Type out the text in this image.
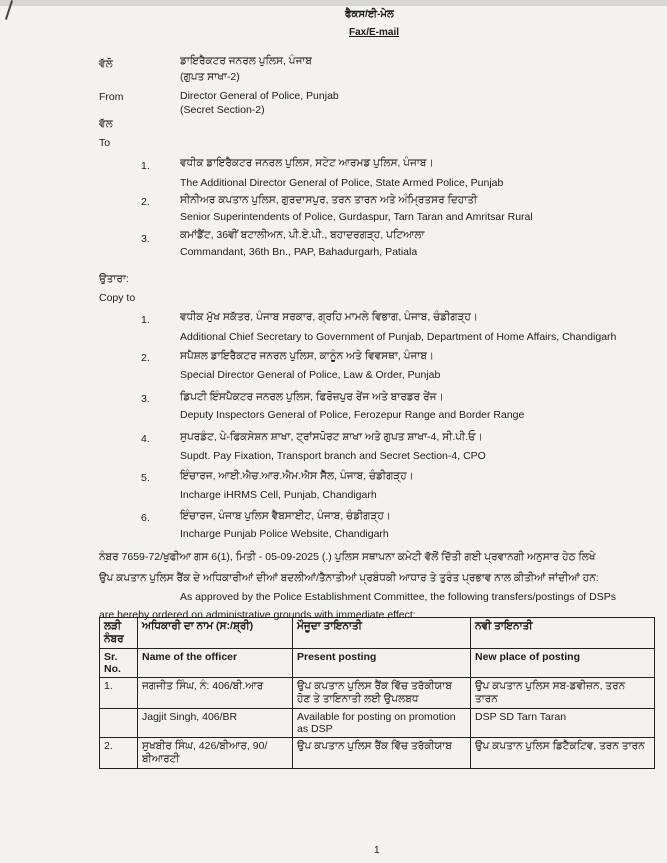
ਫੈਕਸ/ਈ-ਮੇਲ
Fax/E-mail
ਵੱਲੋ	ਡਾਇਰੈਕਟਰ ਜਨਰਲ ਪੁਲਿਸ, ਪੰਜਾਬ
(ਗੁਪਤ ਸਾਖਾ-2)
From	Director General of Police, Punjab
(Secret Section-2)
ਵੱਲ
To
1.	ਵਧੀਕ ਡਾਇਰੈਕਟਰ ਜਨਰਲ ਪੁਲਿਸ, ਸਟੇਟ ਆਰਮਡ ਪੁਲਿਸ, ਪੰਜਾਬ।
The Additional Director General of Police, State Armed Police, Punjab
2.	ਸੀਨੀਅਰ ਕਪਤਾਨ ਪੁਲਿਸ, ਗੁਰਦਾਸਪੁਰ, ਤਰਨ ਤਾਰਨ ਅਤੇ ਅੰਮ੍ਰਿਤਸਰ ਦਿਹਾਤੀ
Senior Superintendents of Police, Gurdaspur, Tarn Taran and Amritsar Rural
3.	ਕਮਾਂਡੈਂਟ, 36ਵੀਂ ਬਟਾਲੀਅਨ, ਪੀ.ਏ.ਪੀ., ਬਹਾਦਰਗੜ੍ਹ, ਪਟਿਆਲਾ
Commandant, 36th Bn., PAP, Bahadurgarh, Patiala
ਉਤਾਰਾ:
Copy to
1.	ਵਧੀਕ ਮੁੱਖ ਸਕੱਤਰ, ਪੰਜਾਬ ਸਰਕਾਰ, ਗ੍ਰਹਿ ਮਾਮਲੇ ਵਿਭਾਗ, ਪੰਜਾਬ, ਚੰਡੀਗੜ੍ਹ।
Additional Chief Secretary to Government of Punjab, Department of Home Affairs, Chandigarh
2.	ਸਪੈਸ਼ਲ ਡਾਇਰੈਕਟਰ ਜਨਰਲ ਪੁਲਿਸ, ਕਾਨੂੰਨ ਅਤੇ ਵਿਵਸਥਾ, ਪੰਜਾਬ।
Special Director General of Police, Law & Order, Punjab
3.	ਡਿਪਟੀ ਇੰਸਪੈਕਟਰ ਜਨਰਲ ਪੁਲਿਸ, ਫਿਰੋਜ਼ਪੁਰ ਰੇਂਜ ਅਤੇ ਬਾਰਡਰ ਰੇਂਜ।
Deputy Inspectors General of Police, Ferozepur Range and Border Range
4.	ਸੁਪਰਡੰਟ, ਪੇ-ਫਿਕਸੇਸ਼ਨ ਸ਼ਾਖਾ, ਟ੍ਰਾਂਸਪੋਰਟ ਸ਼ਾਖਾ ਅਤੇ ਗੁਪਤ ਸ਼ਾਖਾ-4, ਸੀ.ਪੀ.ਓ।
Supdt. Pay Fixation, Transport branch and Secret Section-4, CPO
5.	ਇੰਚਾਰਜ, ਆਈ.ਐਚ.ਆਰ.ਐਮ.ਐਸ ਸੈੱਲ, ਪੰਜਾਬ, ਚੰਡੀਗੜ੍ਹ।
Incharge iHRMS Cell, Punjab, Chandigarh
6.	ਇੰਚਾਰਜ, ਪੰਜਾਬ ਪੁਲਿਸ ਵੈਬਸਾਈਟ, ਪੰਜਾਬ, ਚੰਡੀਗੜ੍ਹ।
Incharge Punjab Police Website, Chandigarh
ਨੰਬਰ 7659-72/ਖੁਫੀਆ ਗਸ 6(1), ਮਿਤੀ - 05-09-2025 (.) ਪੁਲਿਸ ਸਥਾਪਨਾ ਕਮੇਟੀ ਵੱਲੋਂ ਦਿੱਤੀ ਗਈ ਪ੍ਰਵਾਨਗੀ ਅਨੁਸਾਰ ਹੇਠ ਲਿਖੇ
ਉਪ ਕਪਤਾਨ ਪੁਲਿਸ ਰੈਂਕ ਦੇ ਅਧਿਕਾਰੀਆਂ ਦੀਆਂ ਬਦਲੀਆਂ/ਤੈਨਾਤੀਆਂ ਪ੍ਰਬੰਧਕੀ ਆਧਾਰ ਤੇ ਤੁਰੰਤ ਪ੍ਰਭਾਵ ਨਾਲ ਕੀਤੀਆਂ ਜਾਂਦੀਆਂ ਹਨ:
As approved by the Police Establishment Committee, the following transfers/postings of DSPs
are hereby ordered on administrative grounds with immediate effect:
ਲੜੀ ਨੰਬਰ	ਅਧਿਕਾਰੀ ਦਾ ਨਾਮ (ਸ:/ਸ਼੍ਰੀ)	ਮੌਜੂਦਾ ਤਾਇਨਾਤੀ	ਨਵੀ ਤਾਇਨਾਤੀ
Sr. No.	Name of the officer	Present posting	New place of posting
1.	ਜਗਜੀਤ ਸਿੰਘ, ਨੰ: 406/ਬੀ.ਆਰ	ਉਪ ਕਪਤਾਨ ਪੁਲਿਸ ਰੈਂਕ ਵਿੱਚ ਤਰੱਕੀਯਾਬ ਹੋਣ ਤੇ ਤਾਇਨਾਤੀ ਲਈ ਉਪਲਬਧ	ਉਪ ਕਪਤਾਨ ਪੁਲਿਸ ਸਬ-ਡਵੀਜ਼ਨ, ਤਰਨ ਤਾਰਨ
	Jagjit Singh, 406/BR	Available for posting on promotion as DSP	DSP SD Tarn Taran
2.	ਸੁਖਬੀਰ ਸਿੰਘ, 426/ਬੀਆਰ, 90/ਬੀਆਰਟੀ	ਉਪ ਕਪਤਾਨ ਪੁਲਿਸ ਰੈਂਕ ਵਿੱਚ ਤਰੱਕੀਯਾਬ	ਉਪ ਕਪਤਾਨ ਪੁਲਿਸ ਡਿਟੈਕਟਿਵ, ਤਰਨ ਤਾਰਨ
1
